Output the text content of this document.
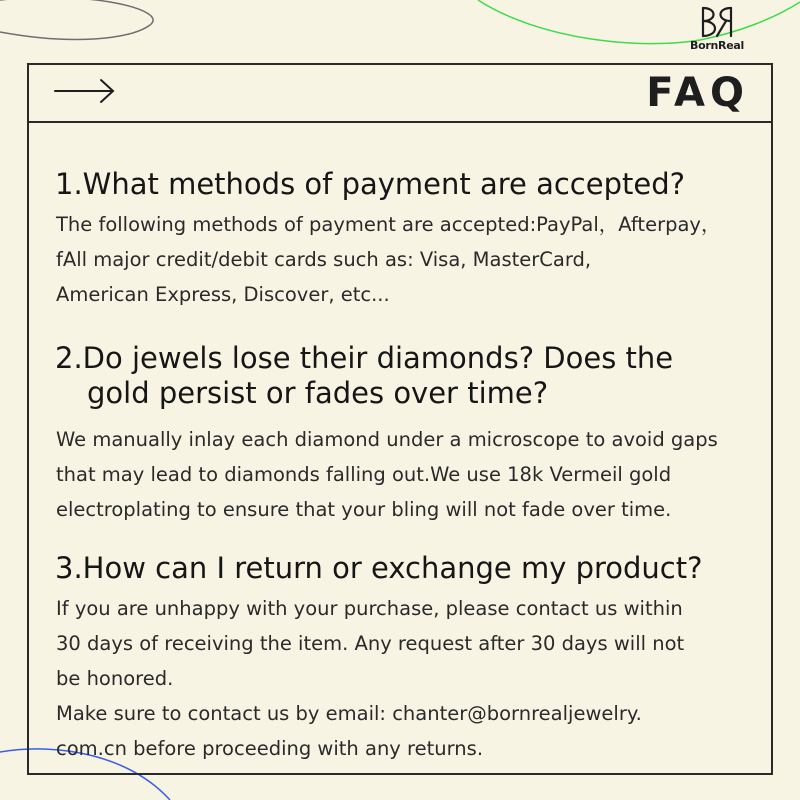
BornReal
FAQ
1.What methods of payment are accepted?
The following methods of payment are accepted:PayPal，Afterpay，
fAll major credit/debit cards such as: Visa, MasterCard,
American Express, Discover, etc...
2.Do jewels lose their diamonds? Does the
gold persist or fades over time?
We manually inlay each diamond under a microscope to avoid gaps
that may lead to diamonds falling out.We use 18k Vermeil gold
electroplating to ensure that your bling will not fade over time.
3.How can I return or exchange my product?
If you are unhappy with your purchase, please contact us within
30 days of receiving the item. Any request after 30 days will not
be honored.
Make sure to contact us by email: chanter@bornrealjewelry.
com.cn before proceeding with any returns.
